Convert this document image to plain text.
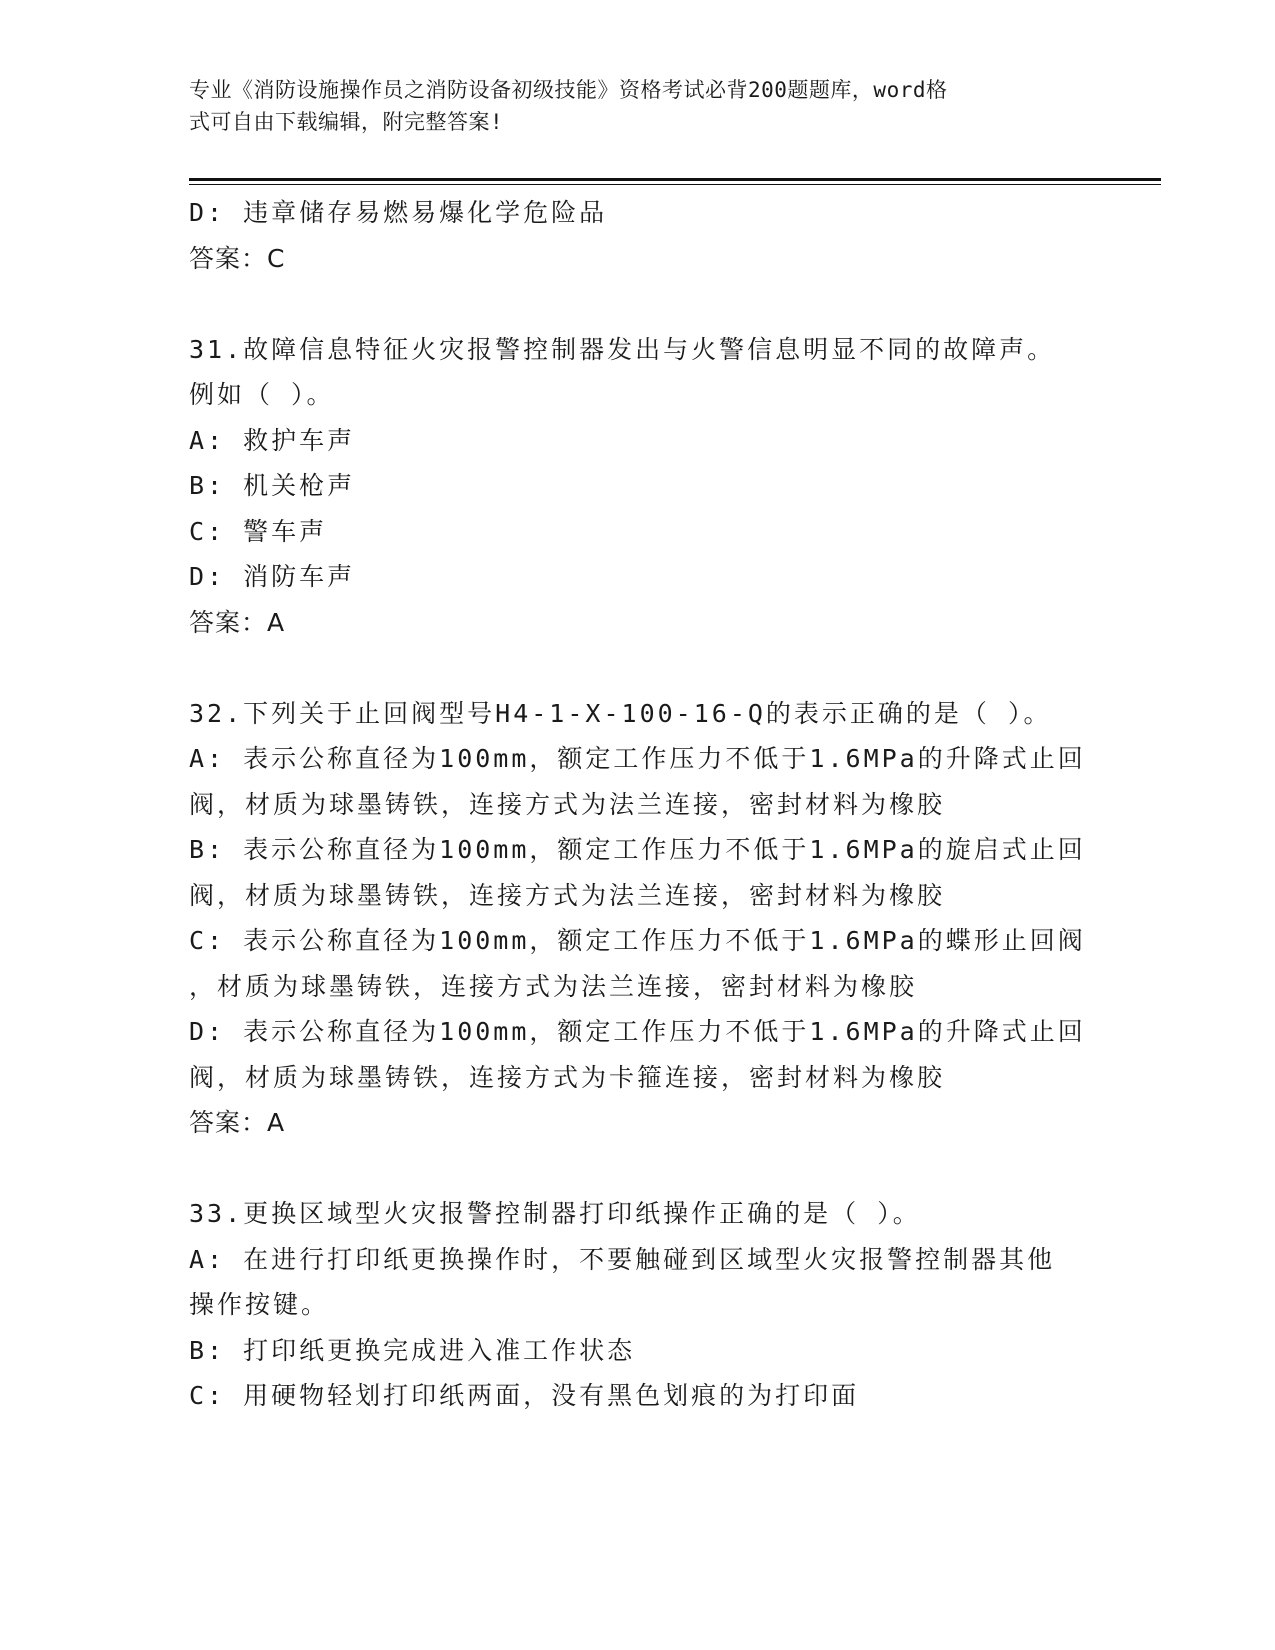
专业《消防设施操作员之消防设备初级技能》资格考试必背200题题库，word格
式可自由下载编辑，附完整答案!
D: 违章储存易燃易爆化学危险品
答案：C
31.故障信息特征火灾报警控制器发出与火警信息明显不同的故障声。
例如（ ）。
A: 救护车声
B: 机关枪声
C: 警车声
D: 消防车声
答案：A
32.下列关于止回阀型号H4-1-X-100-16-Q的表示正确的是（ ）。
A: 表示公称直径为100mm，额定工作压力不低于1.6MPa的升降式止回
阀，材质为球墨铸铁，连接方式为法兰连接，密封材料为橡胶
B: 表示公称直径为100mm，额定工作压力不低于1.6MPa的旋启式止回
阀，材质为球墨铸铁，连接方式为法兰连接，密封材料为橡胶
C: 表示公称直径为100mm，额定工作压力不低于1.6MPa的蝶形止回阀
，材质为球墨铸铁，连接方式为法兰连接，密封材料为橡胶
D: 表示公称直径为100mm，额定工作压力不低于1.6MPa的升降式止回
阀，材质为球墨铸铁，连接方式为卡箍连接，密封材料为橡胶
答案：A
33.更换区域型火灾报警控制器打印纸操作正确的是（ ）。
A: 在进行打印纸更换操作时，不要触碰到区域型火灾报警控制器其他
操作按键。
B: 打印纸更换完成进入准工作状态
C: 用硬物轻划打印纸两面，没有黑色划痕的为打印面
